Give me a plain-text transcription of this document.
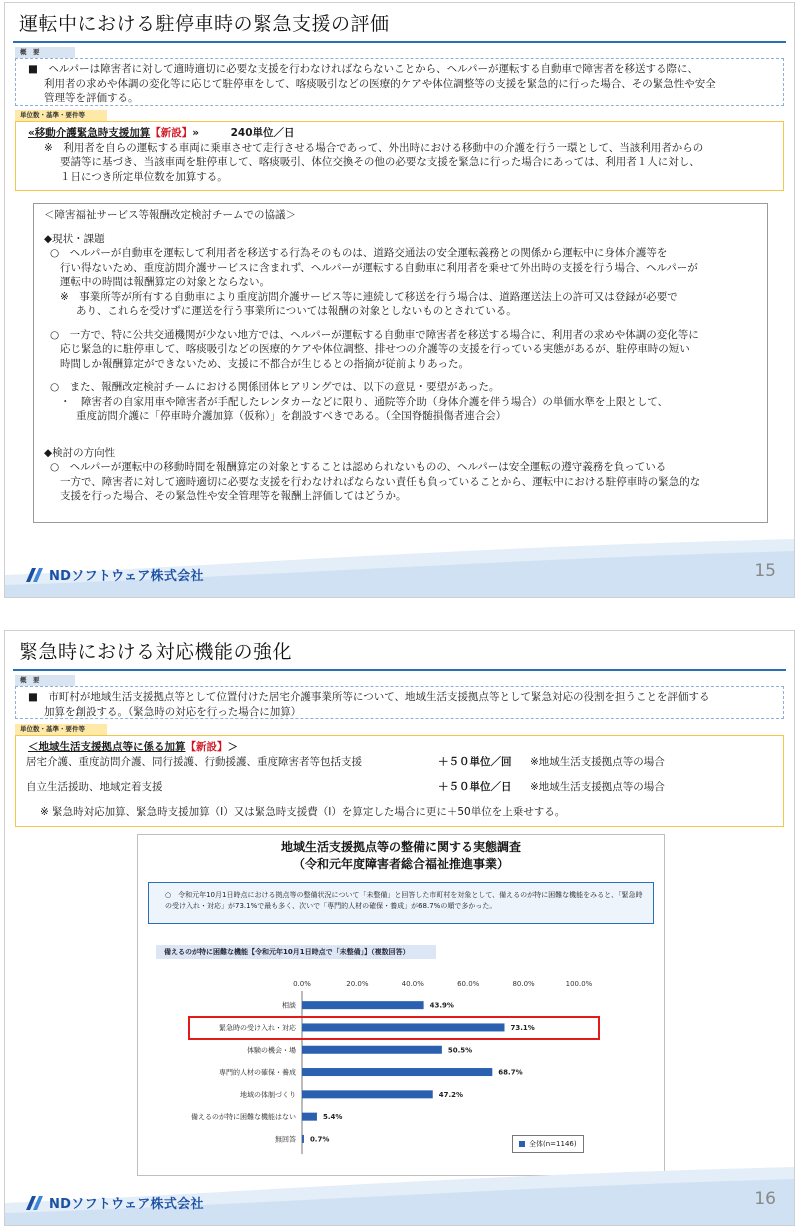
運転中における駐停車時の緊急支援の評価
概　要
■　ヘルパーは障害者に対して適時適切に必要な支援を行わなければならないことから、ヘルパーが運転する自動車で障害者を移送する際に、
利用者の求めや体調の変化等に応じて駐停車をして、喀痰吸引などの医療的ケアや体位調整等の支援を緊急的に行った場合、その緊急性や安全
管理等を評価する。
単位数・基準・要件等
«移動介護緊急時支援加算【新設】»　　　240単位／日
※　利用者を自らの運転する車両に乗車させて走行させる場合であって、外出時における移動中の介護を行う一環として、当該利用者からの
要請等に基づき、当該車両を駐停車して、喀痰吸引、体位交換その他の必要な支援を緊急に行った場合にあっては、利用者１人に対し、
１日につき所定単位数を加算する。
＜障害福祉サービス等報酬改定検討チームでの協議＞
◆現状・課題
○　ヘルパーが自動車を運転して利用者を移送する行為そのものは、道路交通法の安全運転義務との関係から運転中に身体介護等を
行い得ないため、重度訪問介護サービスに含まれず、ヘルパーが運転する自動車に利用者を乗せて外出時の支援を行う場合、ヘルパーが
運転中の時間は報酬算定の対象とならない。
※　事業所等が所有する自動車により重度訪問介護サービス等に連続して移送を行う場合は、道路運送法上の許可又は登録が必要で
あり、これらを受けずに運送を行う事業所については報酬の対象としないものとされている。
○　一方で、特に公共交通機関が少ない地方では、ヘルパーが運転する自動車で障害者を移送する場合に、利用者の求めや体調の変化等に
応じ緊急的に駐停車して、喀痰吸引などの医療的ケアや体位調整、排せつの介護等の支援を行っている実態があるが、駐停車時の短い
時間しか報酬算定ができないため、支援に不都合が生じるとの指摘が従前よりあった。
○　また、報酬改定検討チームにおける関係団体ヒアリングでは、以下の意見・要望があった。
・　障害者の自家用車や障害者が手配したレンタカーなどに限り、通院等介助（身体介護を伴う場合）の単価水準を上限として、
重度訪問介護に「停車時介護加算（仮称）」を創設すべきである。（全国脊髄損傷者連合会）
◆検討の方向性
○　ヘルパーが運転中の移動時間を報酬算定の対象とすることは認められないものの、ヘルパーは安全運転の遵守義務を負っている
一方で、障害者に対して適時適切に必要な支援を行わなければならない責任も負っていることから、運転中における駐停車時の緊急的な
支援を行った場合、その緊急性や安全管理等を報酬上評価してはどうか。
NDソフトウェア株式会社	15
緊急時における対応機能の強化
概　要
■　市町村が地域生活支援拠点等として位置付けた居宅介護事業所等について、地域生活支援拠点等として緊急対応の役割を担うことを評価する
加算を創設する。（緊急時の対応を行った場合に加算）
単位数・基準・要件等
＜地域生活支援拠点等に係る加算【新設】＞
居宅介護、重度訪問介護、同行援護、行動援護、重度障害者等包括支援	＋５０単位／回 ※地域生活支援拠点等の場合
自立生活援助、地域定着支援	＋５０単位／日 ※地域生活支援拠点等の場合
※ 緊急時対応加算、緊急時支援加算（Ⅰ）又は緊急時支援費（Ⅰ）を算定した場合に更に＋50単位を上乗せする。
地域生活支援拠点等の整備に関する実態調査
（令和元年度障害者総合福祉推進事業）
○　令和元年10月1日時点における拠点等の整備状況について「未整備」と回答した市町村を対象として、備えるのが特に困難な機能をみると、「緊急時
の受け入れ・対応」が73.1%で最も多く、次いで「専門的人材の確保・養成」が68.7%の順で多かった。
備えるのが特に困難な機能【令和元年10月1日時点で「未整備」】（複数回答）
0.0%	20.0%	40.0%	60.0%	80.0%	100.0%
相談	43.9%
緊急時の受け入れ・対応	73.1%
体験の機会・場	50.5%
専門的人材の確保・養成	68.7%
地域の体制づくり	47.2%
備えるのが特に困難な機能はない	5.4%
無回答 0.7%
全体(n=1146)
NDソフトウェア株式会社	16
